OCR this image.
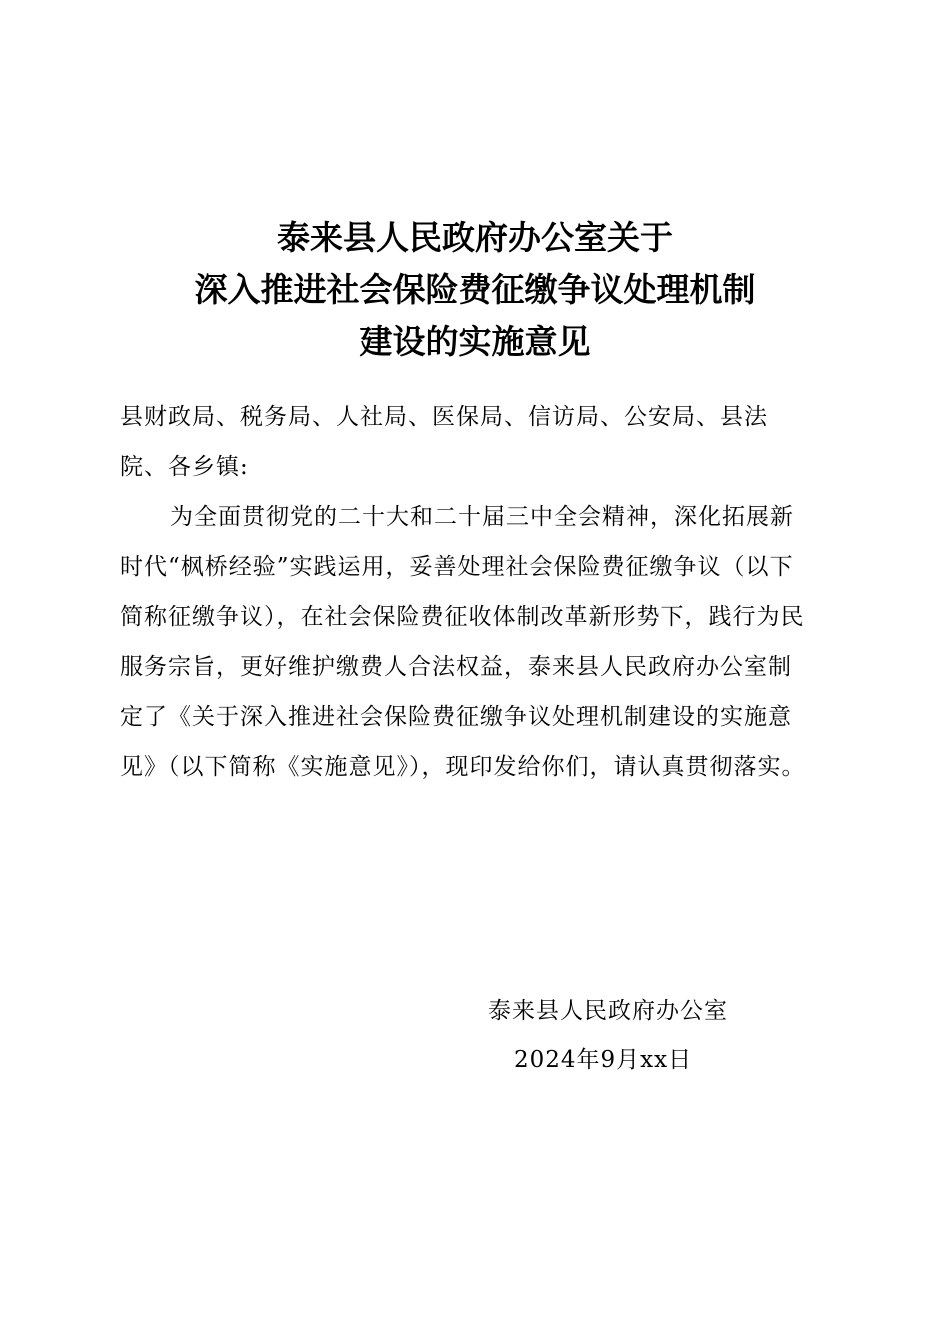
泰来县人民政府办公室关于
深入推进社会保险费征缴争议处理机制
建设的实施意见
县财政局、税务局、人社局、医保局、信访局、公安局、县法院、各乡镇:
为全面贯彻党的二十大和二十届三中全会精神，深化拓展新时代“枫桥经验”实践运用，妥善处理社会保险费征缴争议（以下简称征缴争议），在社会保险费征收体制改革新形势下，践行为民服务宗旨，更好维护缴费人合法权益，泰来县人民政府办公室制定了《关于深入推进社会保险费征缴争议处理机制建设的实施意见》（以下简称《实施意见》），现印发给你们，请认真贯彻落实。
泰来县人民政府办公室
2024年9月xx日
